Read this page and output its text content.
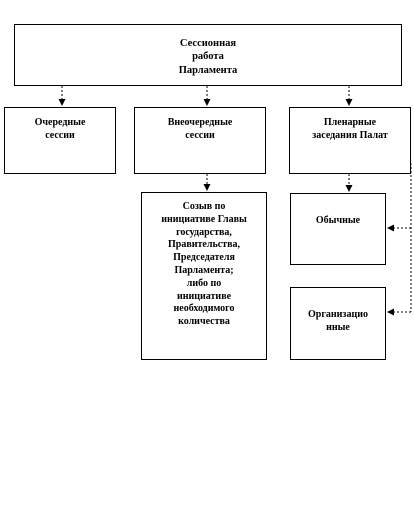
Сессионная
работа
Парламента
Очередные
сессии
Внеочередные
сессии
Пленарные
заседания Палат
Созыв по
инициативе Главы
государства,
Правительства,
Председателя
Парламента;
либо по
инициативе
необходимого
количества
Обычные
Организацио
нные
